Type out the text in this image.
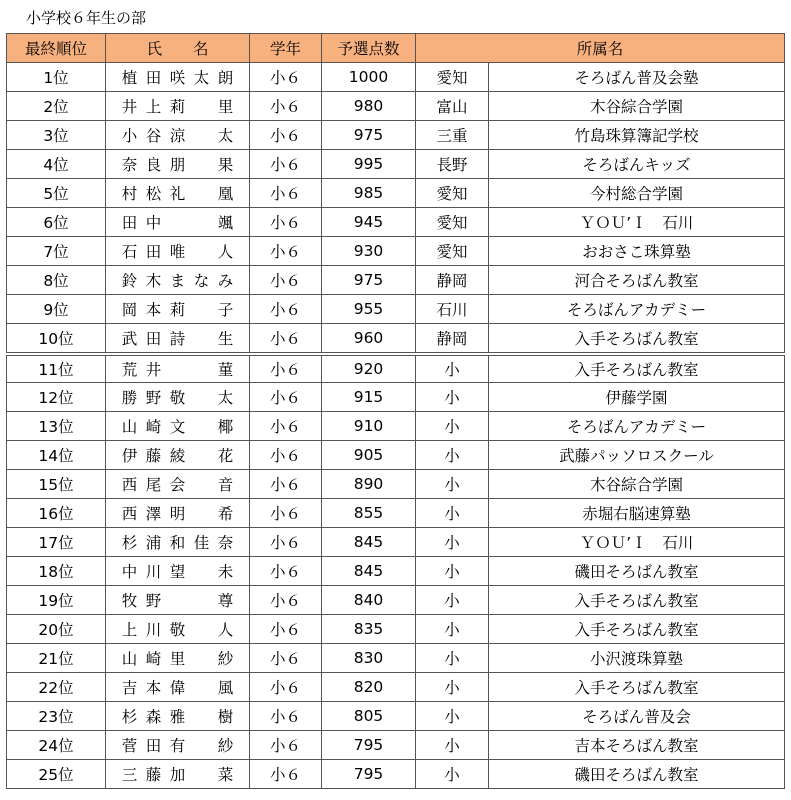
小学校６年生の部
最終順位	氏　　名	学年	予選点数	所属名	
1位	植 田 咲 太 朗	小６	1000	愛知	そろばん普及会塾
2位	井 上 莉 里	小６	980	富山	木谷綜合学園
3位	小 谷 涼 太	小６	975	三重	竹島珠算簿記学校
4位	奈 良 朋 果	小６	995	長野	そろばんキッズ
5位	村 松 礼 凰	小６	985	愛知	今村総合学園
6位	田 中 颯	小６	945	愛知	ＹＯＵ’Ｉ　石川
7位	石 田 唯 人	小６	930	愛知	おおさこ珠算塾
8位	鈴 木 ま な み	小６	975	静岡	河合そろばん教室
9位	岡 本 莉 子	小６	955	石川	そろばんアカデミー
10位	武 田 詩 生	小６	960	静岡	入手そろばん教室
11位	荒 井 菫	小６	920	小	入手そろばん教室
12位	勝 野 敬 太	小６	915	小	伊藤学園
13位	山 崎 文 椰	小６	910	小	そろばんアカデミー
14位	伊 藤 綾 花	小６	905	小	武藤パッソロスクール
15位	西 尾 会 音	小６	890	小	木谷綜合学園
16位	西 澤 明 希	小６	855	小	赤堀右脳速算塾
17位	杉 浦 和 佳 奈	小６	845	小	ＹＯＵ’Ｉ　石川
18位	中 川 望 未	小６	845	小	磯田そろばん教室
19位	牧 野 尊	小６	840	小	入手そろばん教室
20位	上 川 敬 人	小６	835	小	入手そろばん教室
21位	山 崎 里 紗	小６	830	小	小沢渡珠算塾
22位	吉 本 偉 風	小６	820	小	入手そろばん教室
23位	杉 森 雅 樹	小６	805	小	そろばん普及会
24位	菅 田 有 紗	小６	795	小	吉本そろばん教室
25位	三 藤 加 菜	小６	795	小	磯田そろばん教室
